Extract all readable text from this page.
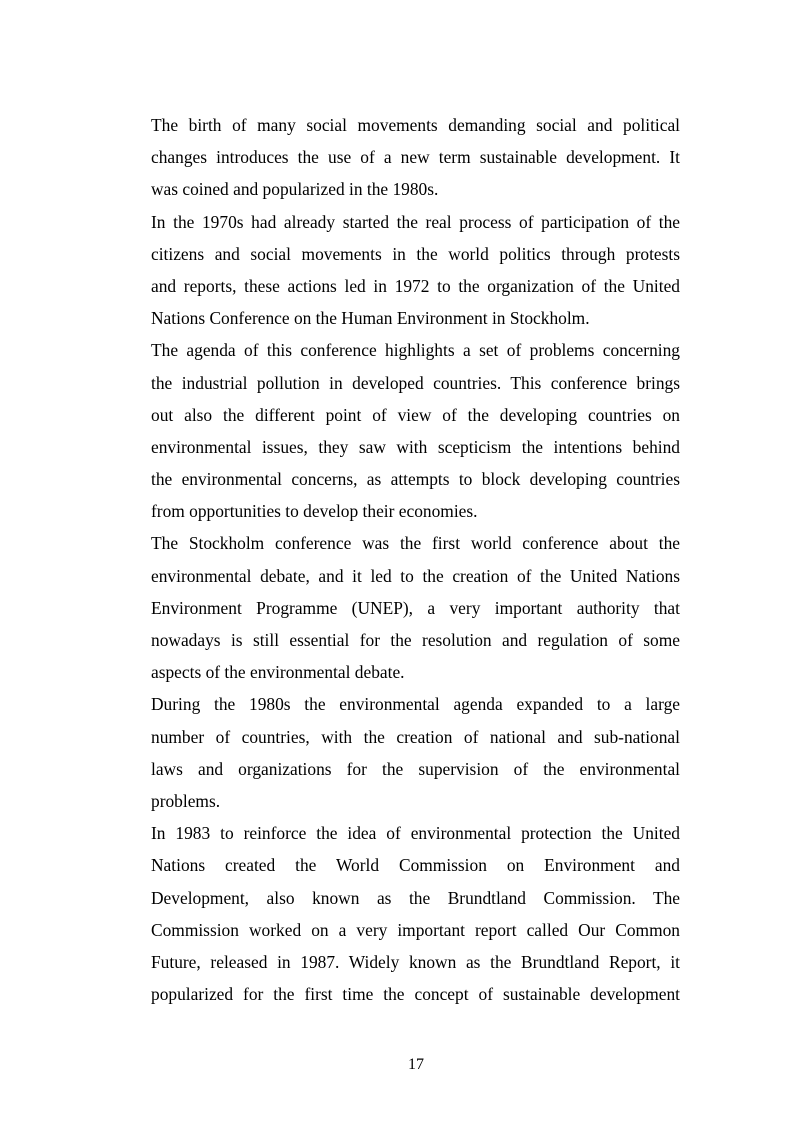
The birth of many social movements demanding social and political
changes introduces the use of a new term sustainable development. It
was coined and popularized in the 1980s.

In the 1970s had already started the real process of participation of the
citizens and social movements in the world politics through protests
and reports, these actions led in 1972 to the organization of the United
Nations Conference on the Human Environment in Stockholm.

The agenda of this conference highlights a set of problems concerning
the industrial pollution in developed countries. This conference brings
out also the different point of view of the developing countries on
environmental issues, they saw with scepticism the intentions behind
the environmental concerns, as attempts to block developing countries
from opportunities to develop their economies.

The Stockholm conference was the first world conference about the
environmental debate, and it led to the creation of the United Nations
Environment Programme (UNEP), a very important authority that
nowadays is still essential for the resolution and regulation of some
aspects of the environmental debate.

During the 1980s the environmental agenda expanded to a large
number of countries, with the creation of national and sub-national
laws and organizations for the supervision of the environmental
problems.

In 1983 to reinforce the idea of environmental protection the United
Nations created the World Commission on Environment and
Development, also known as the Brundtland Commission. The
Commission worked on a very important report called Our Common
Future, released in 1987. Widely known as the Brundtland Report, it
popularized for the first time the concept of sustainable development

17
